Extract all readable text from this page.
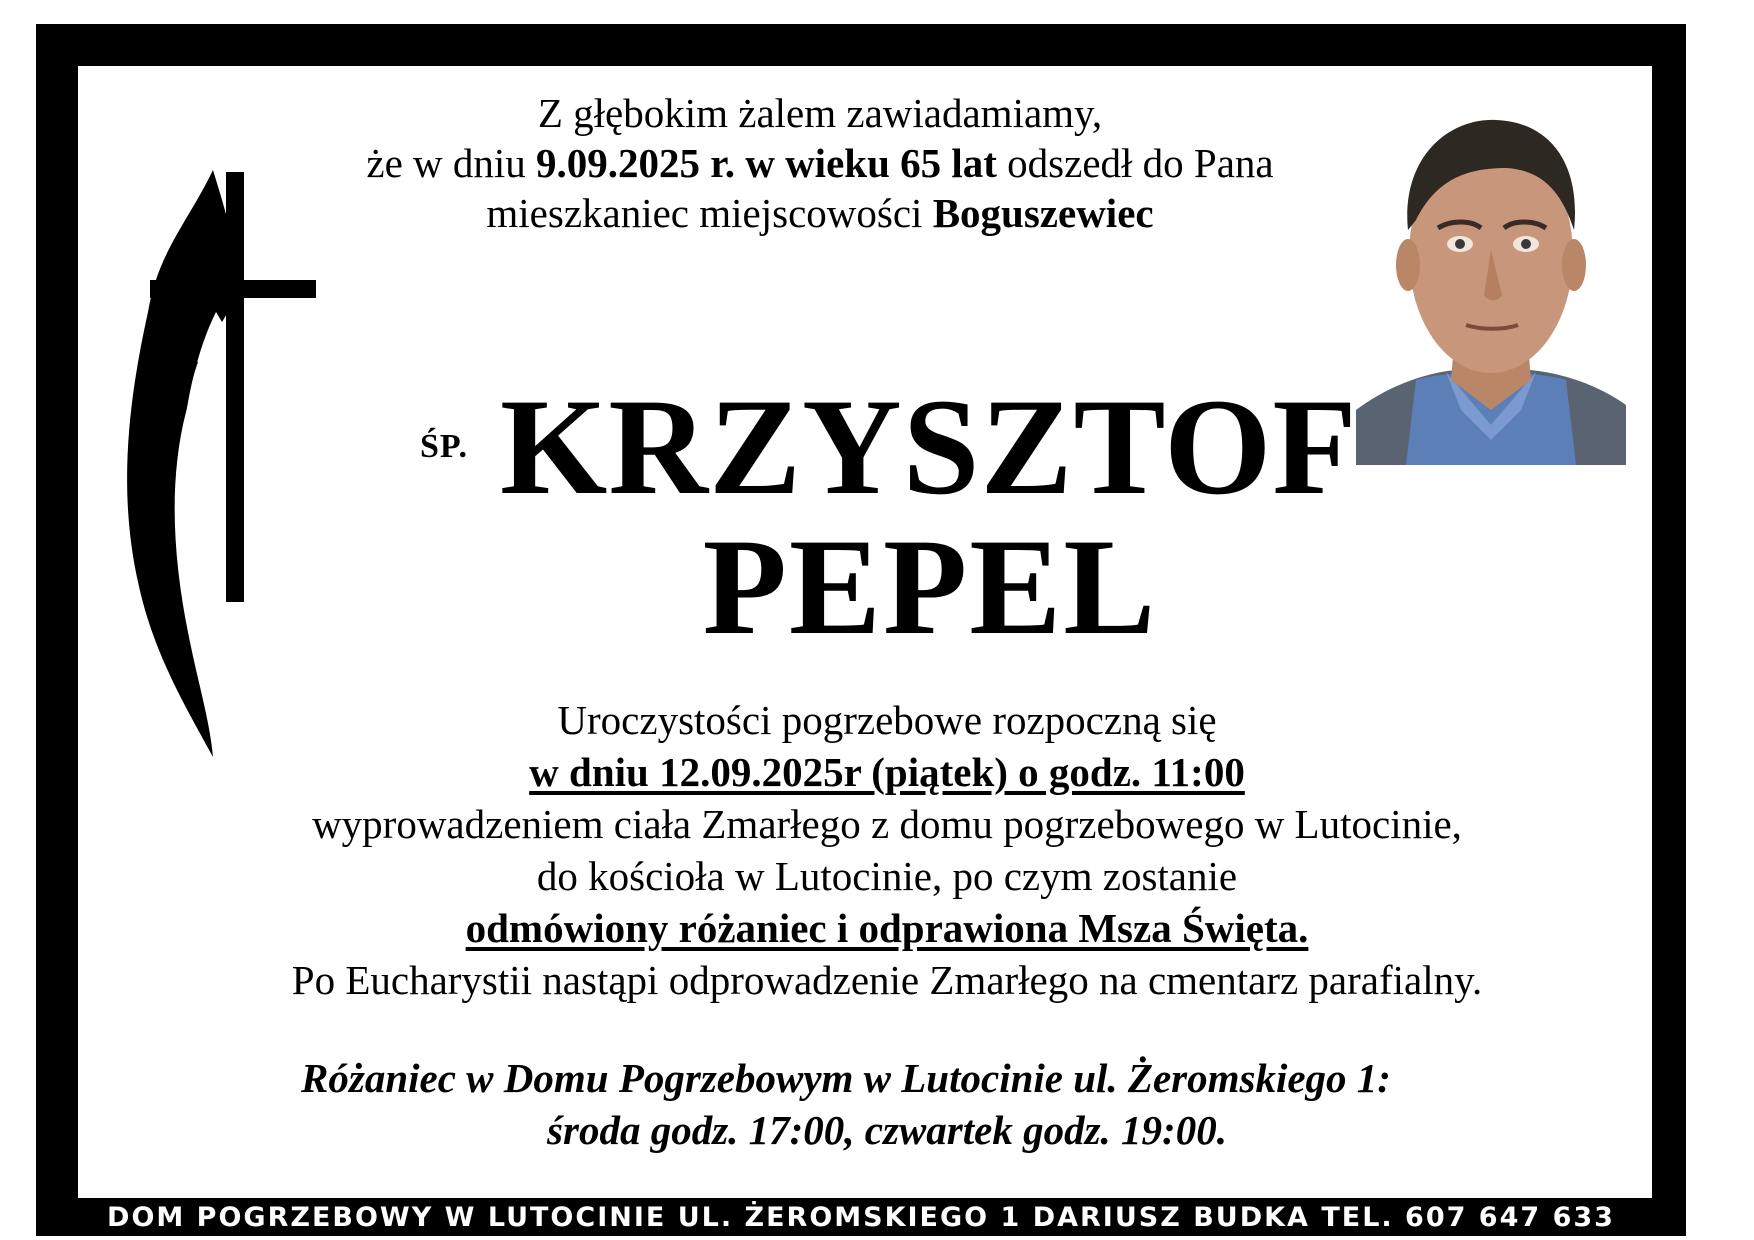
Z głębokim żalem zawiadamiamy,
że w dniu 9.09.2025 r. w wieku 65 lat odszedł do Pana
mieszkaniec miejscowości Boguszewiec
ŚP. KRZYSZTOF
PEPEL
Uroczystości pogrzebowe rozpoczną się
w dniu 12.09.2025r (piątek) o godz. 11:00
wyprowadzeniem ciała Zmarłego z domu pogrzebowego w Lutocinie,
do kościoła w Lutocinie, po czym zostanie
odmówiony różaniec i odprawiona Msza Święta.
Po Eucharystii nastąpi odprowadzenie Zmarłego na cmentarz parafialny.
Różaniec w Domu Pogrzebowym w Lutocinie ul. Żeromskiego 1:
środa godz. 17:00, czwartek godz. 19:00.
DOM POGRZEBOWY W LUTOCINIE UL. ŻEROMSKIEGO 1 DARIUSZ BUDKA TEL. 607 647 633
